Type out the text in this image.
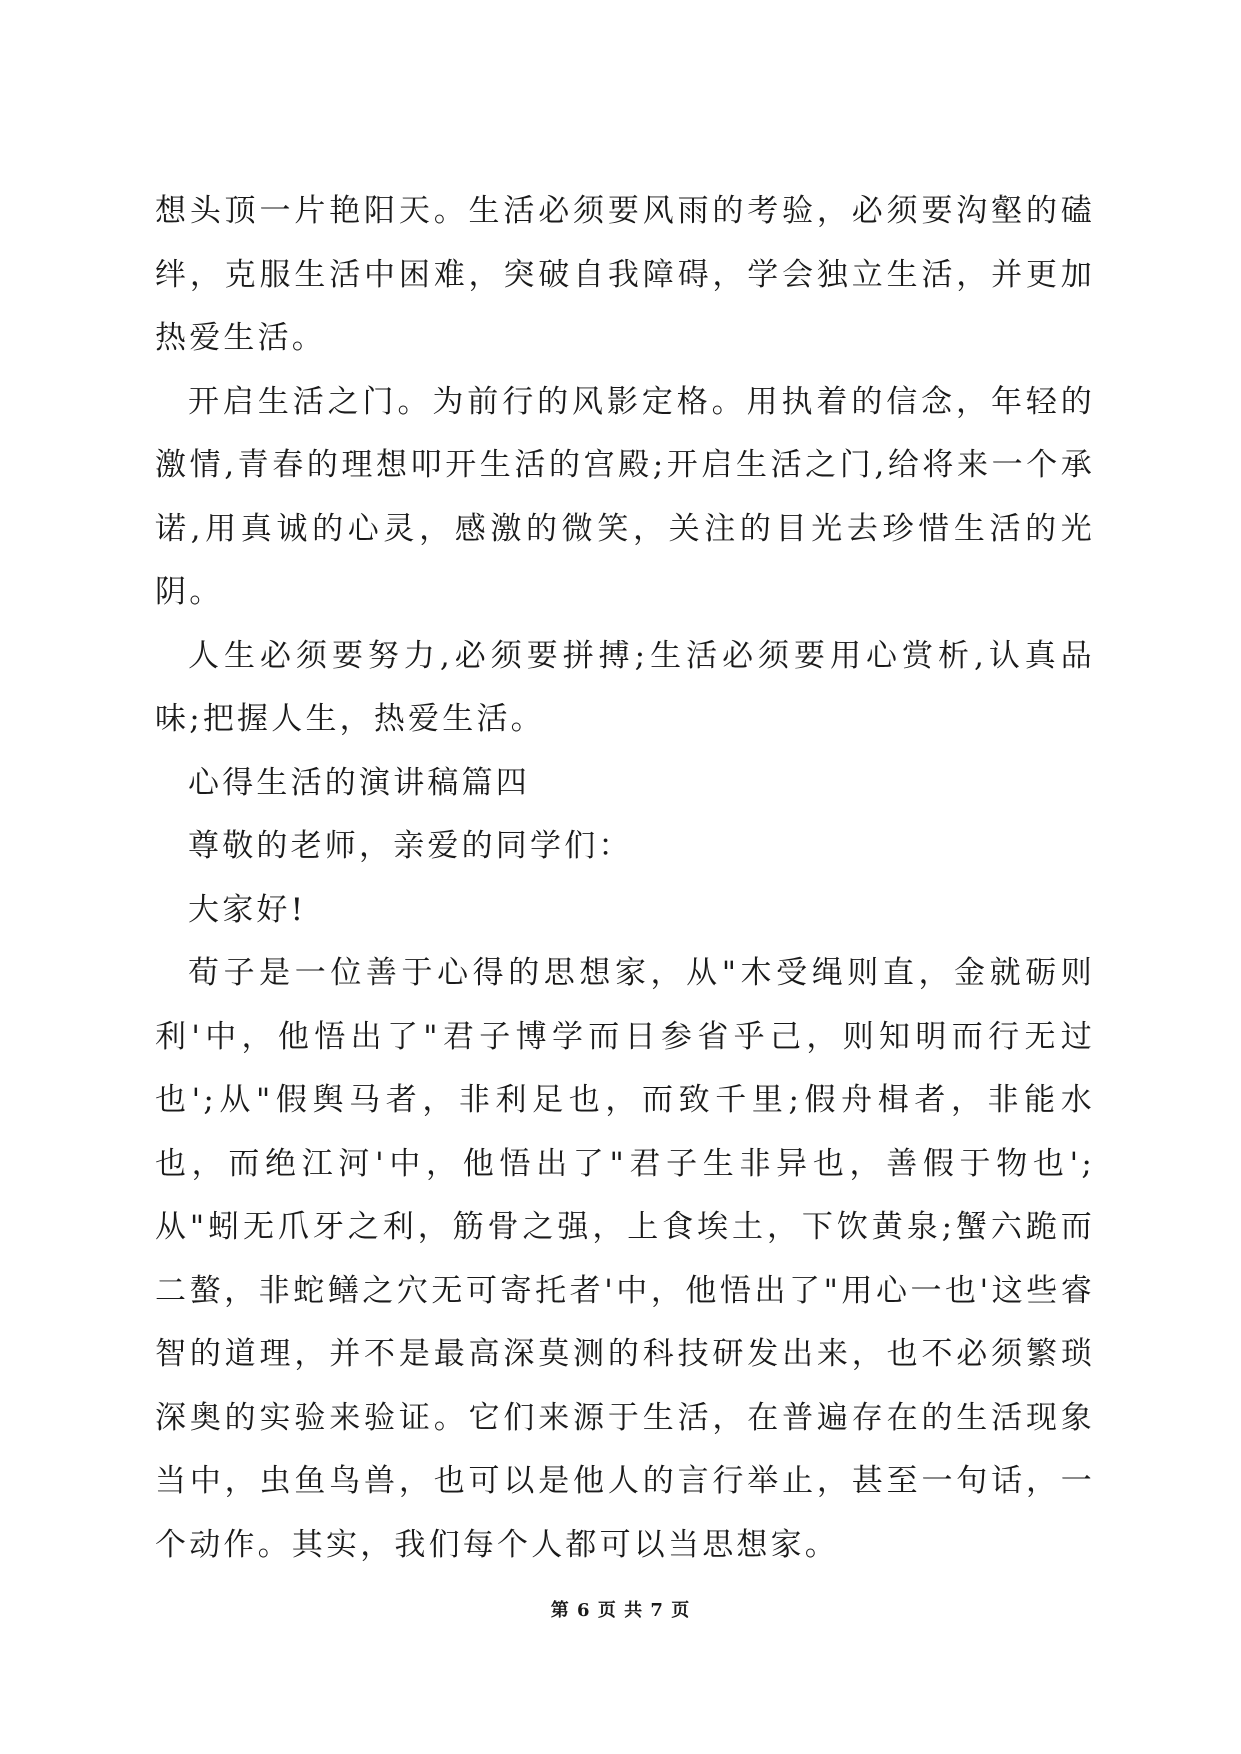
想头顶一片艳阳天。生活必须要风雨的考验，必须要沟壑的磕绊，克服生活中困难，突破自我障碍，学会独立生活，并更加热爱生活。

开启生活之门。为前行的风影定格。用执着的信念，年轻的激情,青春的理想叩开生活的宫殿;开启生活之门,给将来一个承诺,用真诚的心灵，感激的微笑，关注的目光去珍惜生活的光阴。

人生必须要努力,必须要拼搏;生活必须要用心赏析,认真品味;把握人生，热爱生活。

心得生活的演讲稿篇四

尊敬的老师，亲爱的同学们：

大家好!

荀子是一位善于心得的思想家，从"木受绳则直，金就砺则利'中，他悟出了"君子博学而日参省乎己，则知明而行无过也';从"假舆马者，非利足也，而致千里;假舟楫者，非能水也，而绝江河'中，他悟出了"君子生非异也，善假于物也';从"蚓无爪牙之利，筋骨之强，上食埃土，下饮黄泉;蟹六跪而二螯，非蛇鳝之穴无可寄托者'中，他悟出了"用心一也'这些睿智的道理，并不是最高深莫测的科技研发出来，也不必须繁琐深奥的实验来验证。它们来源于生活，在普遍存在的生活现象当中，虫鱼鸟兽，也可以是他人的言行举止，甚至一句话，一个动作。其实，我们每个人都可以当思想家。

第 6 页 共 7 页
